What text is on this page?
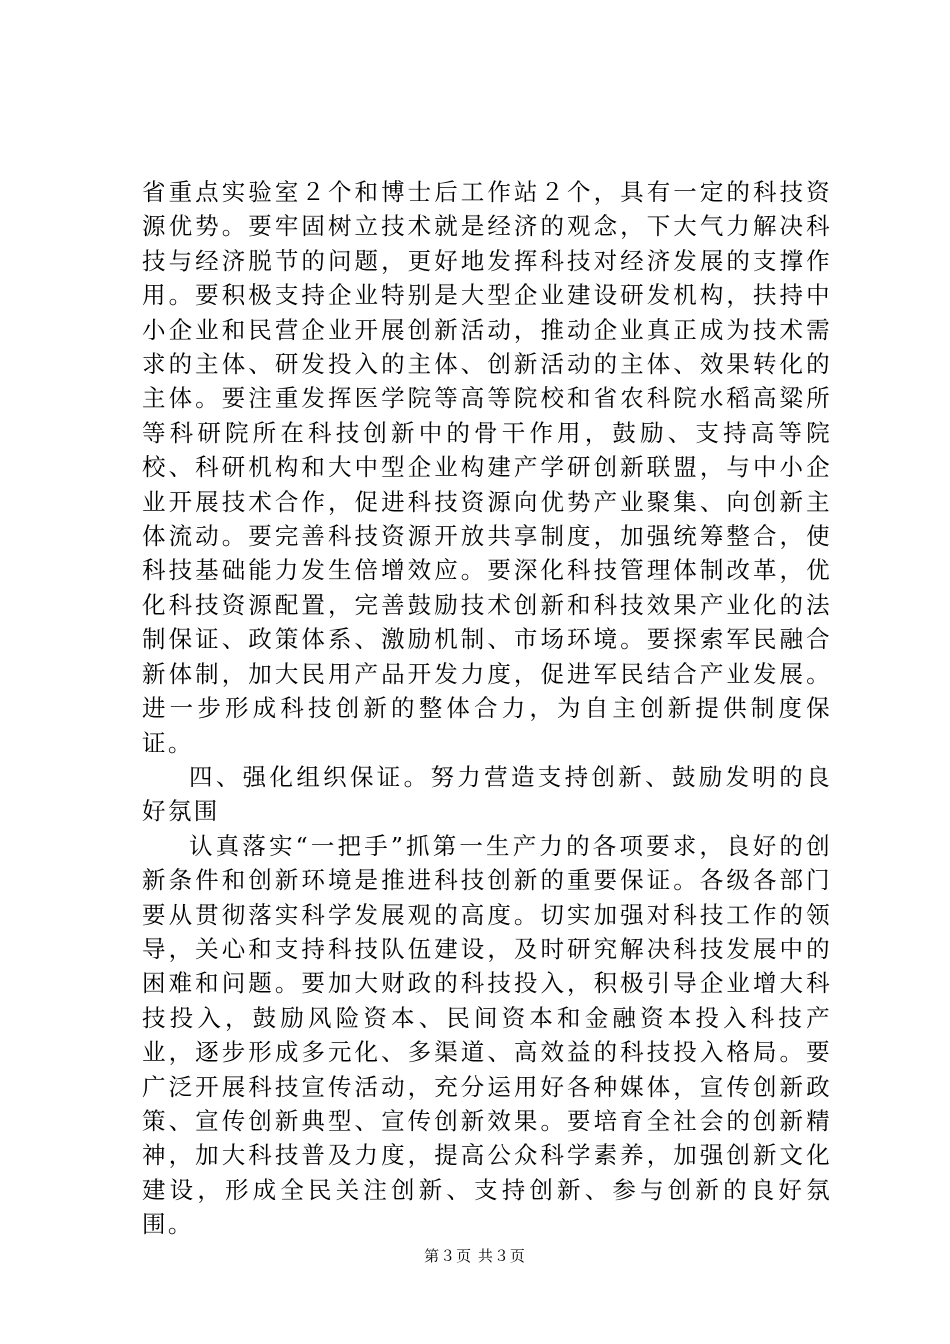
省重点实验室２个和博士后工作站２个，具有一定的科技资源优势。要牢固树立技术就是经济的观念，下大气力解决科技与经济脱节的问题，更好地发挥科技对经济发展的支撑作用。要积极支持企业特别是大型企业建设研发机构，扶持中小企业和民营企业开展创新活动，推动企业真正成为技术需求的主体、研发投入的主体、创新活动的主体、效果转化的主体。要注重发挥医学院等高等院校和省农科院水稻高粱所等科研院所在科技创新中的骨干作用，鼓励、支持高等院校、科研机构和大中型企业构建产学研创新联盟，与中小企业开展技术合作，促进科技资源向优势产业聚集、向创新主体流动。要完善科技资源开放共享制度，加强统筹整合，使科技基础能力发生倍增效应。要深化科技管理体制改革，优化科技资源配置，完善鼓励技术创新和科技效果产业化的法制保证、政策体系、激励机制、市场环境。要探索军民融合新体制，加大民用产品开发力度，促进军民结合产业发展。进一步形成科技创新的整体合力，为自主创新提供制度保证。

四、强化组织保证。努力营造支持创新、鼓励发明的良好氛围

认真落实“一把手”抓第一生产力的各项要求，良好的创新条件和创新环境是推进科技创新的重要保证。各级各部门要从贯彻落实科学发展观的高度。切实加强对科技工作的领导，关心和支持科技队伍建设，及时研究解决科技发展中的困难和问题。要加大财政的科技投入，积极引导企业增大科技投入，鼓励风险资本、民间资本和金融资本投入科技产业，逐步形成多元化、多渠道、高效益的科技投入格局。要广泛开展科技宣传活动，充分运用好各种媒体，宣传创新政策、宣传创新典型、宣传创新效果。要培育全社会的创新精神，加大科技普及力度，提高公众科学素养，加强创新文化建设，形成全民关注创新、支持创新、参与创新的良好氛围。

第３页 共３页
